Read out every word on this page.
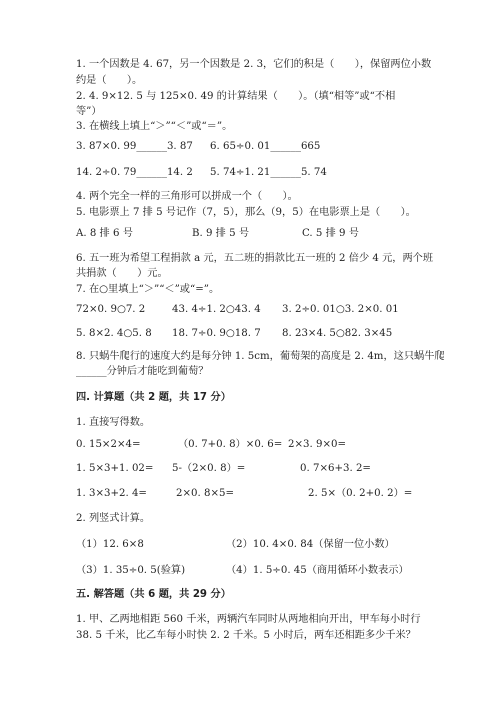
1. 一个因数是 4. 67，另一个因数是 2. 3，它们的积是（　　），保留两位小数
约是（　　）。
2. 4. 9×12. 5 与 125×0. 49 的计算结果（　　）。（填“相等”或“不相
等”）
3. 在横线上填上“＞”“＜”或“＝”。
3. 87×0. 99______3. 87 6. 65÷0. 01______665
14. 2÷0. 79______14. 2 5. 74÷1. 21______5. 74
4. 两个完全一样的三角形可以拼成一个（　　）。
5. 电影票上 7 排 5 号记作（7，5），那么（9，5）在电影票上是（　　）。
A. 8 排 6 号	B. 9 排 5 号	C. 5 排 9 号
6. 五一班为希望工程捐款 a 元，五二班的捐款比五一班的 2 倍少 4 元，两个班
共捐款（　　）元。
7. 在○里填上“＞”“＜”或“=”。
72×0. 9○7. 2	43. 4÷1. 2○43. 4 3. 2÷0. 01○3. 2×0. 01
5. 8×2. 4○5. 8 18. 7÷0. 9○18. 7 8. 23×4. 5○82. 3×45
8. 只蜗牛爬行的速度大约是每分钟 1. 5cm，葡萄架的高度是 2. 4m，这只蜗牛爬
______分钟后才能吃到葡萄？
四. 计算题（共 2 题，共 17 分）
1. 直接写得数。
0. 15×2×4=	（0. 7+0. 8）×0. 6= 2×3. 9×0=
1. 5×3+1. 02= 5-（2×0. 8）=	0. 7×6+3. 2=
1. 3×3+2. 4=	2×0. 8×5=	2. 5×（0. 2+0. 2）=
2. 列竖式计算。
（1）12. 6×8	（2）10. 4×0. 84（保留一位小数）
（3）1. 35÷0. 5(验算)	（4）1. 5÷0. 45（商用循环小数表示）
五. 解答题（共 6 题，共 29 分）
1. 甲、乙两地相距 560 千米，两辆汽车同时从两地相向开出，甲车每小时行
38. 5 千米，比乙车每小时快 2. 2 千米。5 小时后，两车还相距多少千米？
